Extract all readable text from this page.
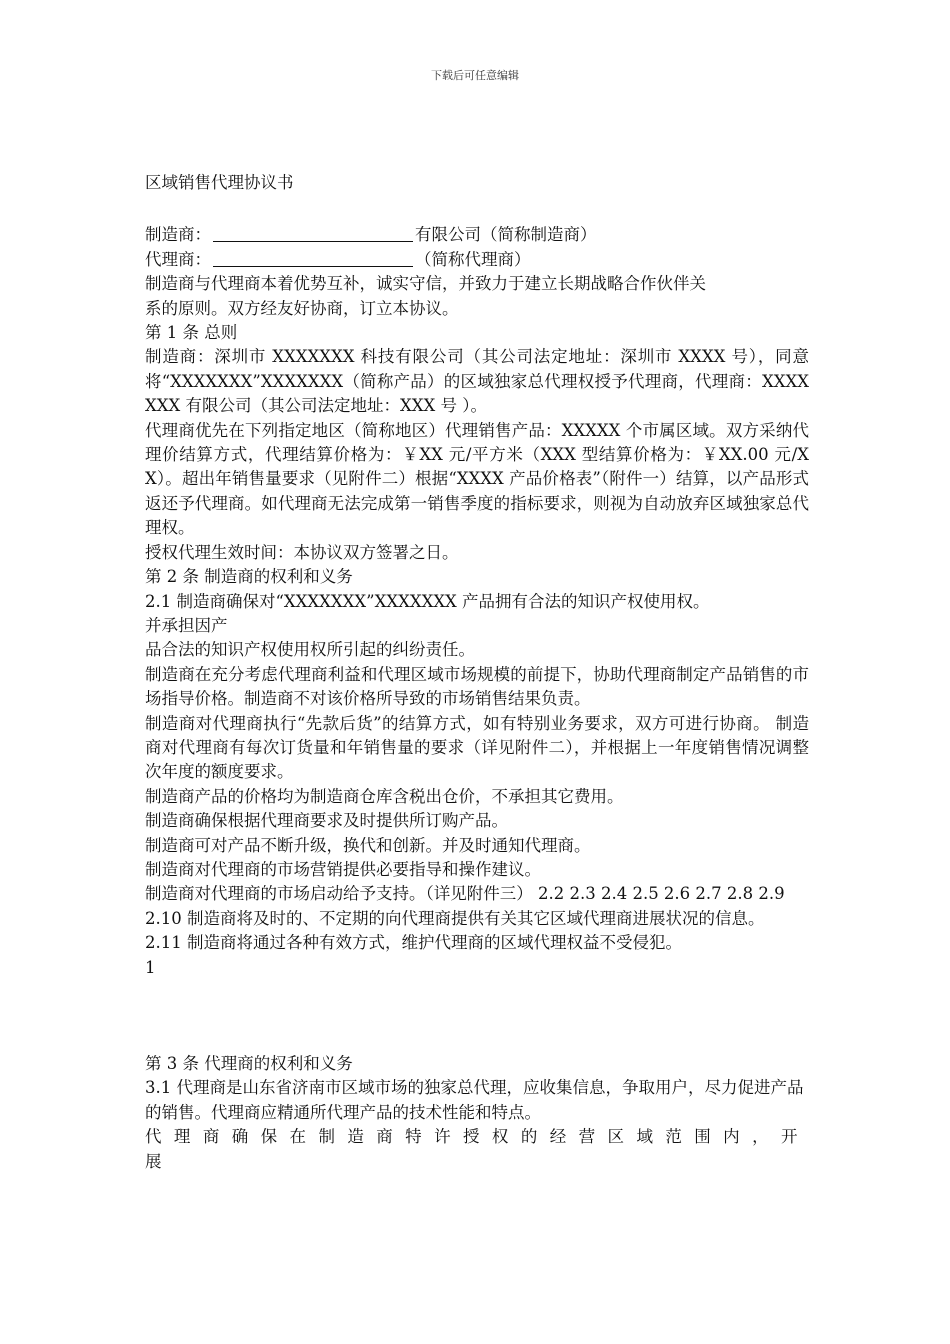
下载后可任意编辑

区域销售代理协议书

制造商：	有限公司（简称制造商）

代理商：	（简称代理商）

制造商与代理商本着优势互补，诚实守信，并致力于建立长期战略合作伙伴关

系的原则。双方经友好协商，订立本协议。

第 1 条 总则

制造商：深圳市 XXXXXXX 科技有限公司（其公司法定地址：深圳市 XXXX 号），同意将“XXXXXXX”XXXXXXX（简称产品）的区域独家总代理权授予代理商，代理商：XXXXXXX 有限公司（其公司法定地址：XXX 号 ）。

代理商优先在下列指定地区（简称地区）代理销售产品：XXXXX 个市属区域。双方采纳代理价结算方式，代理结算价格为：￥XX 元/平方米（XXX 型结算价格为：￥XX.00 元/XX）。超出年销售量要求（见附件二）根据“XXXX 产品价格表”（附件一）结算，以产品形式返还予代理商。如代理商无法完成第一销售季度的指标要求，则视为自动放弃区域独家总代理权。

授权代理生效时间：本协议双方签署之日。

第 2 条 制造商的权利和义务

2.1 制造商确保对“XXXXXXX”XXXXXXX 产品拥有合法的知识产权使用权。

并承担因产

品合法的知识产权使用权所引起的纠纷责任。

制造商在充分考虑代理商利益和代理区域市场规模的前提下，协助代理商制定产品销售的市场指导价格。制造商不对该价格所导致的市场销售结果负责。

制造商对代理商执行“先款后货”的结算方式，如有特别业务要求，双方可进行协商。 制造商对代理商有每次订货量和年销售量的要求（详见附件二），并根据上一年度销售情况调整次年度的额度要求。

制造商产品的价格均为制造商仓库含税出仓价，不承担其它费用。

制造商确保根据代理商要求及时提供所订购产品。

制造商可对产品不断升级，换代和创新。并及时通知代理商。

制造商对代理商的市场营销提供必要指导和操作建议。

制造商对代理商的市场启动给予支持。（详见附件三） 2.2 2.3 2.4 2.5 2.6 2.7 2.8 2.9

2.10 制造商将及时的、不定期的向代理商提供有关其它区域代理商进展状况的信息。

2.11 制造商将通过各种有效方式，维护代理商的区域代理权益不受侵犯。

1

第 3 条 代理商的权利和义务

3.1 代理商是山东省济南市区域市场的独家总代理，应收集信息，争取用户，尽力促进产品

的销售。代理商应精通所代理产品的技术性能和特点。

代理商确保在制造商特许授权的经营区域范围内，开展
